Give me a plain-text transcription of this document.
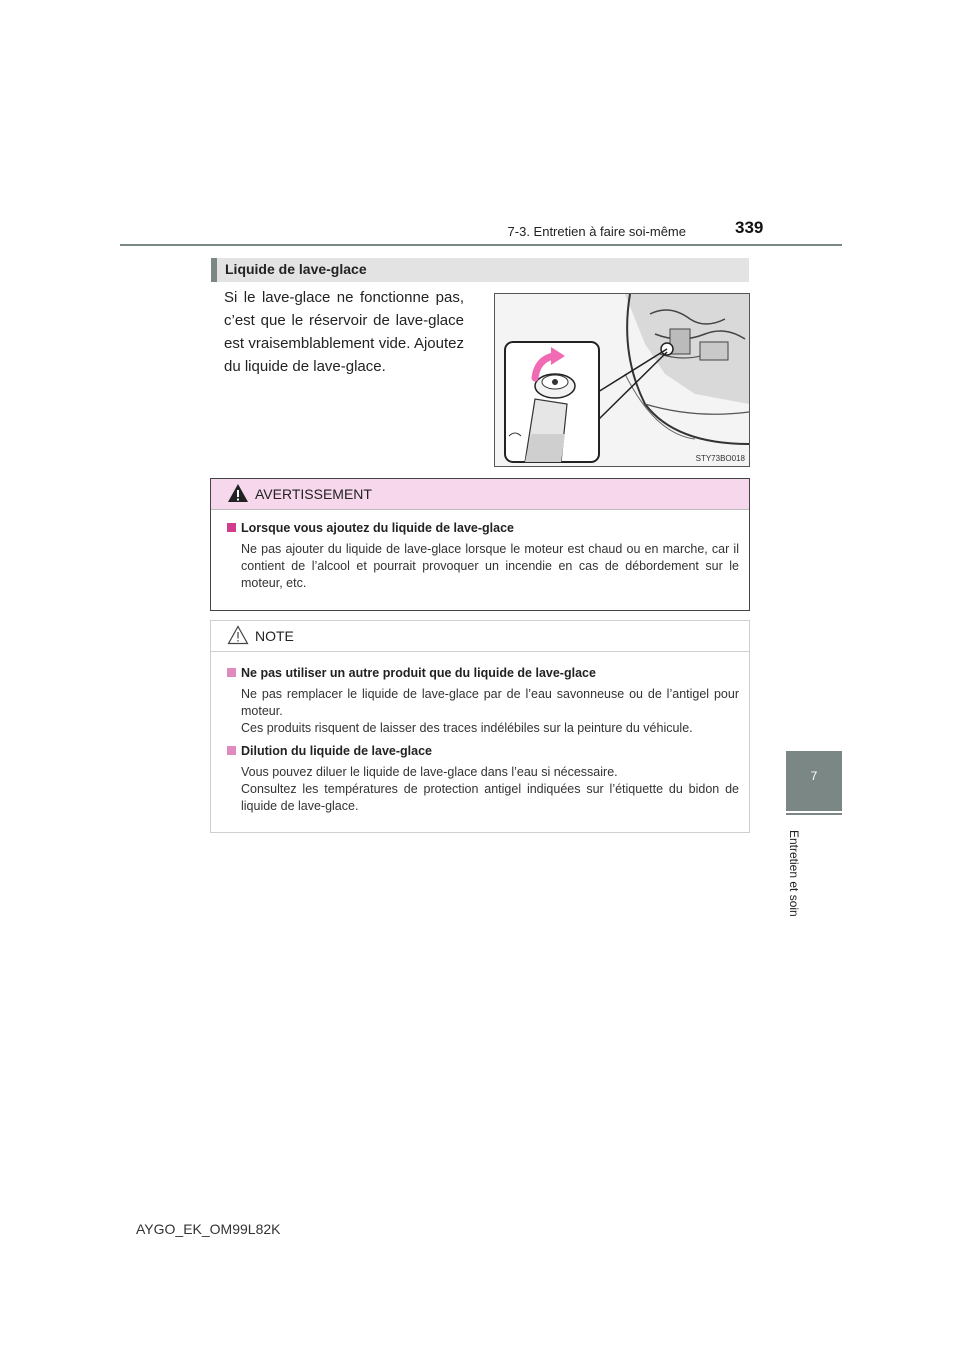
7-3. Entretien à faire soi-même	339
7
Entretien et soin
Liquide de lave-glace
Si le lave-glace ne fonctionne pas, c’est que le réservoir de lave-glace est vraisemblablement vide. Ajoutez du liquide de lave-glace.
STY73BO018
AVERTISSEMENT
Lorsque vous ajoutez du liquide de lave-glace

Ne pas ajouter du liquide de lave-glace lorsque le moteur est chaud ou en marche, car il contient de l’alcool et pourrait provoquer un incendie en cas de débordement sur le moteur, etc.

NOTE
Ne pas utiliser un autre produit que du liquide de lave-glace

Ne pas remplacer le liquide de lave-glace par de l’eau savonneuse ou de l’antigel pour moteur.

Ces produits risquent de laisser des traces indélébiles sur la peinture du véhicule.

Dilution du liquide de lave-glace

Vous pouvez diluer le liquide de lave-glace dans l’eau si nécessaire.

Consultez les températures de protection antigel indiquées sur l’étiquette du bidon de liquide de lave-glace.

AYGO_EK_OM99L82K
